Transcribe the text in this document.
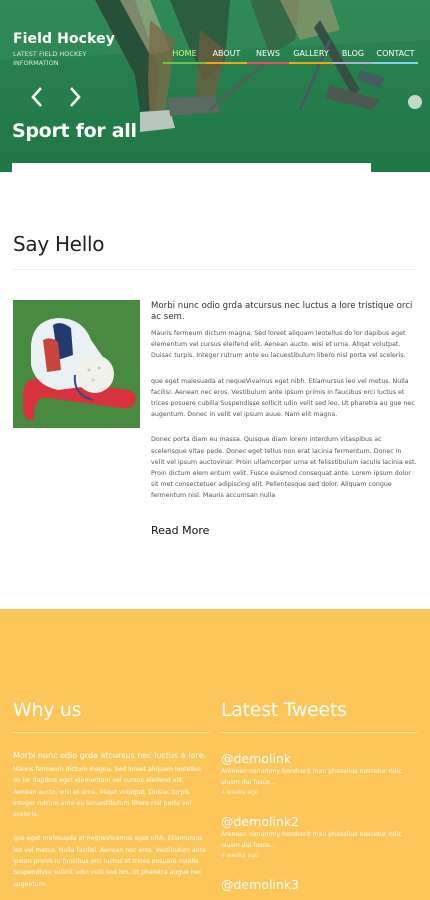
Field Hockey
LATEST FIELD HOCKEY INFORMATION
HOME	ABOUT	NEWS	GALLERY	BLOG	CONTACT
Sport for all
Say Hello
Morbi nunc odio grda atcursus nec luctus a lore tristique orci ac sem.
Mauris fermeum dictum magna. Sed loreet aliquam leotellus do lor dapibus eget elementum vel cursus eleifend elit. Aenean aucto. wisi et urna. Aliqat volutpat. Duisac turpis. Integer rutrum ante eu lacuestibulum libero nisl porta vel sceleris.
que eget malesuada at nequeVivamus eget nibh. Etiamursus leo vel metus. Nulla facilisi. Aenean nec eros. Vestibulum ante ipsum primis in faucibus orci luctus et trices posuere cubilia Suspendisse sollicit udin velit sed leo. Ut pharetra au gue nec augentum. Donec in velit vel ipsum auue. Nam elit magna.
Donec porta diam eu massa. Quisque diam lorem interdum vitaspibus ac scelerisque vitae pede. Donec eget tellus non erat lacinia fermentum. Donec in velit vel ipsum auctovinar. Proin ullamcorper urna et felisstibulum iaculis lacinia est. Proin dictum elem entum velit. Fusce euismod consequat ante. Lorem ipsum dolor sit met consectetuer adipiscing elit. Pellentesque sed dolor. Aliquam congue fermentum nisl. Mauris accumsan nulla
Read More
Why us
Morbi nunc odio grda atcursus nec luctus a lore.
Mauris fermeum dictum magna. Sed loreet aliquam leotellus do lor dapibus eget elementum vel cursus eleifend elit. Aenean aucto. wisi et urna. Aliqat volutpat. Duisac turpis. Integer rutrum ante eu lacuestibulum libero nisl porta vel sceleris.
que eget malesuada at nequeVivamus eget nibh. Etiamursus leo vel metus. Nulla facilisi. Aenean nec eros. Vestibulum ante ipsum primis in faucibus orci luctus et trices posuere cubilia Suspendisse sollicit udin velit sed leo. Ut pharetra augue nec augentum.
Latest Tweets
@demolink
Arenean nonummy hendrerit mau phasellus nascetur ridic ulusm dui fusce...
4 weeks ago
@demolink2
Arenean nonummy hendrerit mau phasellus nascetur ridic ulusm dui fusce...
4 weeks ago
@demolink3
